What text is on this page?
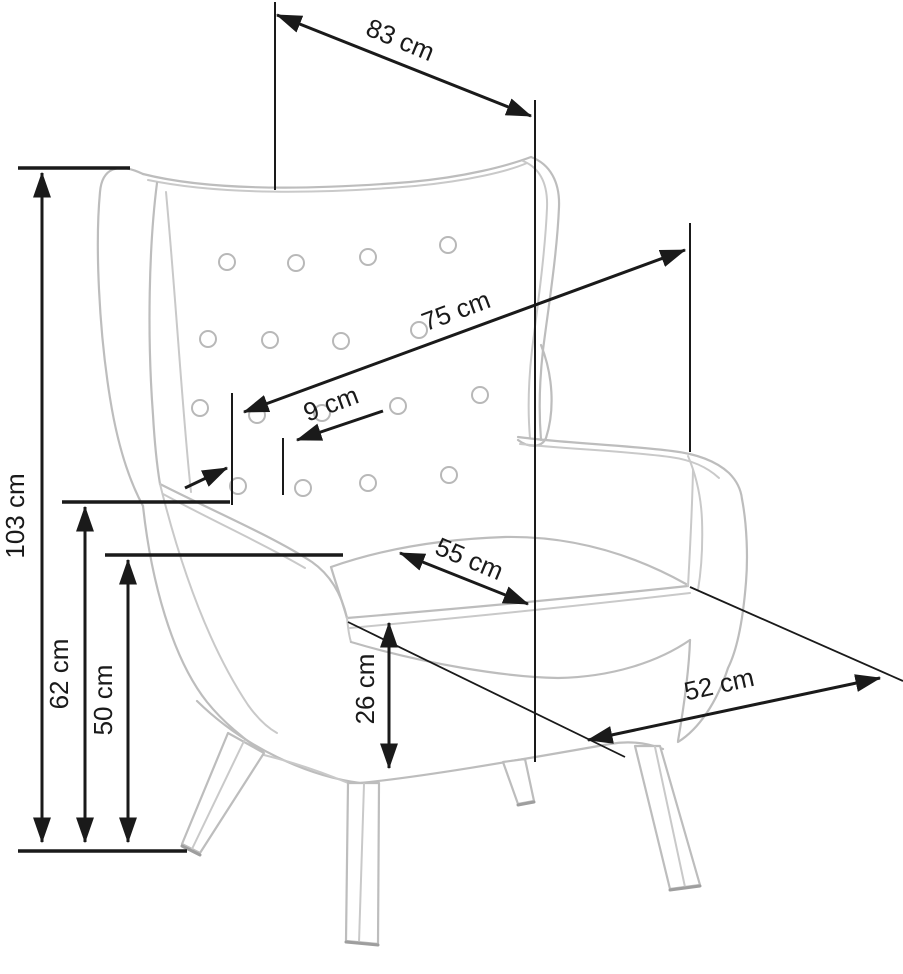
103 cm
62 cm 50 cm
83 cm
75 cm
9 cm
55 cm
26 cm	52 cm
